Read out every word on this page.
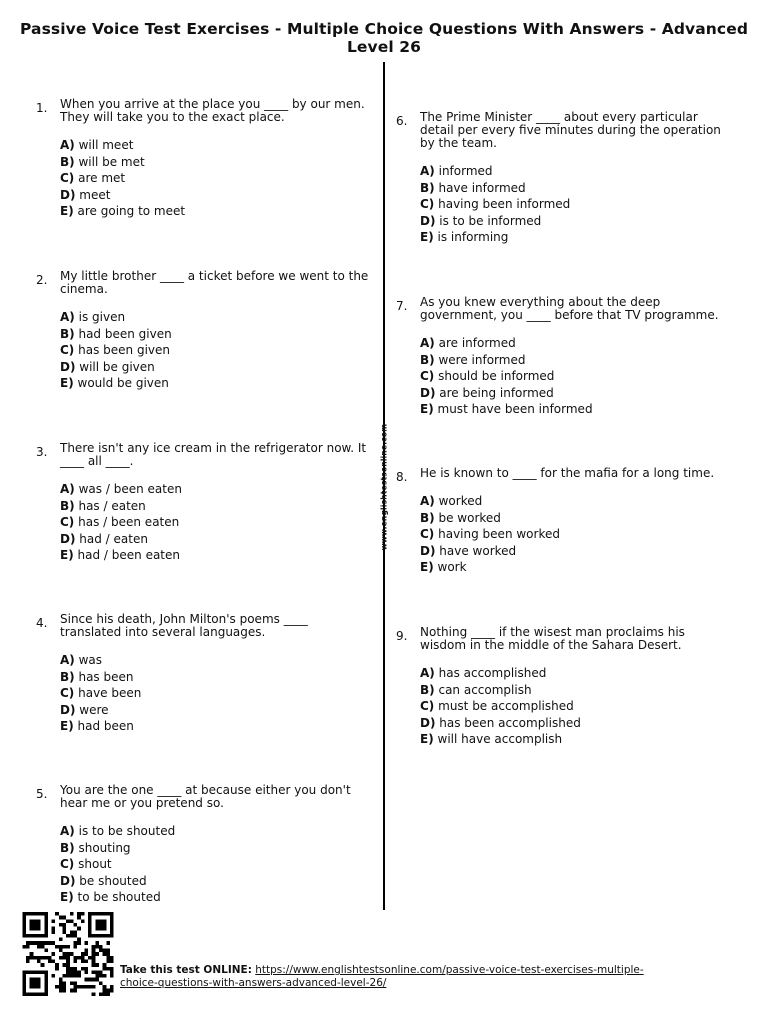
Passive Voice Test Exercises - Multiple Choice Questions With Answers - Advanced Level 26
www.englishtestsonline.com
1. When you arrive at the place you ____ by our men. They will take you to the exact place.

A) will meet
B) will be met
C) are met
D) meet
E) are going to meet
2. My little brother ____ a ticket before we went to the cinema.

A) is given
B) had been given
C) has been given
D) will be given
E) would be given
3. There isn't any ice cream in the refrigerator now. It ____ all ____.

A) was / been eaten
B) has / eaten
C) has / been eaten
D) had / eaten
E) had / been eaten
4. Since his death, John Milton's poems ____ translated into several languages.

A) was
B) has been
C) have been
D) were
E) had been
5. You are the one ____ at because either you don't hear me or you pretend so.

A) is to be shouted
B) shouting
C) shout
D) be shouted
E) to be shouted
6. The Prime Minister ____ about every particular detail per every five minutes during the operation by the team.

A) informed
B) have informed
C) having been informed
D) is to be informed
E) is informing
7. As you knew everything about the deep government, you ____ before that TV programme.

A) are informed
B) were informed
C) should be informed
D) are being informed
E) must have been informed
8. He is known to ____ for the mafia for a long time.

A) worked
B) be worked
C) having been worked
D) have worked
E) work
9. Nothing ____ if the wisest man proclaims his wisdom in the middle of the Sahara Desert.

A) has accomplished
B) can accomplish
C) must be accomplished
D) has been accomplished
E) will have accomplish
Take this test ONLINE: https://www.englishtestsonline.com/passive-voice-test-exercises-multiple-choice-questions-with-answers-advanced-level-26/
